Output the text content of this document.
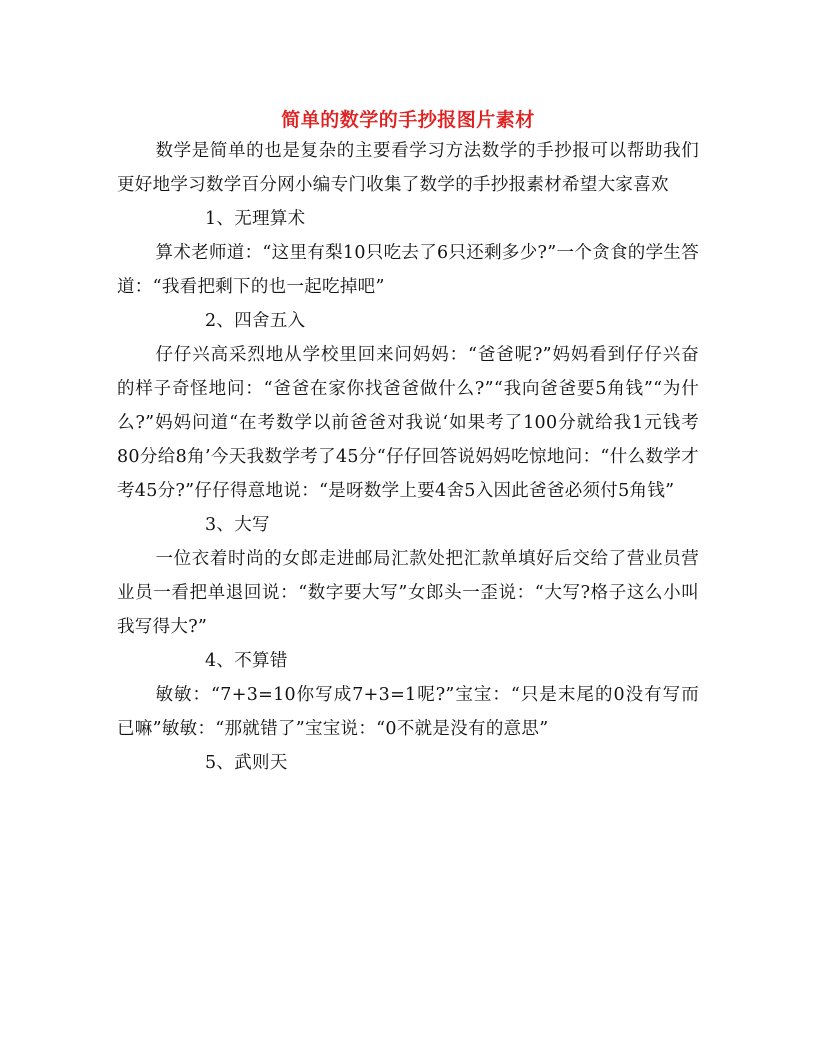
简单的数学的手抄报图片素材

数学是简单的也是复杂的主要看学习方法数学的手抄报可以帮助我们更好地学习数学百分网小编专门收集了数学的手抄报素材希望大家喜欢

1、无理算术

算术老师道：“这里有梨10只吃去了6只还剩多少?”一个贪食的学生答道：“我看把剩下的也一起吃掉吧”

2、四舍五入

仔仔兴高采烈地从学校里回来问妈妈：“爸爸呢?”妈妈看到仔仔兴奋的样子奇怪地问：“爸爸在家你找爸爸做什么?”“我向爸爸要5角钱”“为什么?”妈妈问道“在考数学以前爸爸对我说‘如果考了100分就给我1元钱考80分给8角’今天我数学考了45分“仔仔回答说妈妈吃惊地问：“什么数学才考45分?”仔仔得意地说：“是呀数学上要4舍5入因此爸爸必须付5角钱”

3、大写

一位衣着时尚的女郎走进邮局汇款处把汇款单填好后交给了营业员营业员一看把单退回说：“数字要大写”女郎头一歪说：“大写?格子这么小叫我写得大?”

4、不算错

敏敏：“7+3=10你写成7+3=1呢?”宝宝：“只是末尾的0没有写而已嘛”敏敏：“那就错了”宝宝说：“0不就是没有的意思”

5、武则天
